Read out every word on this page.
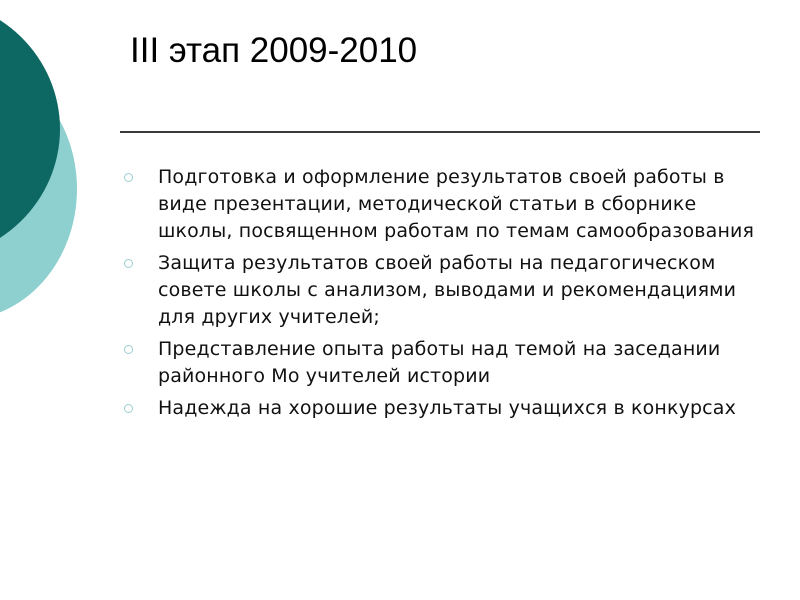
III этап 2009-2010
Подготовка и оформление результатов своей работы в виде презентации, методической статьи в сборнике школы, посвященном работам по темам самообразования
Защита результатов своей работы на педагогическом совете школы с анализом, выводами и рекомендациями для других учителей;
Представление опыта работы над темой на заседании районного Мо учителей истории
Надежда на хорошие результаты учащихся в конкурсах
